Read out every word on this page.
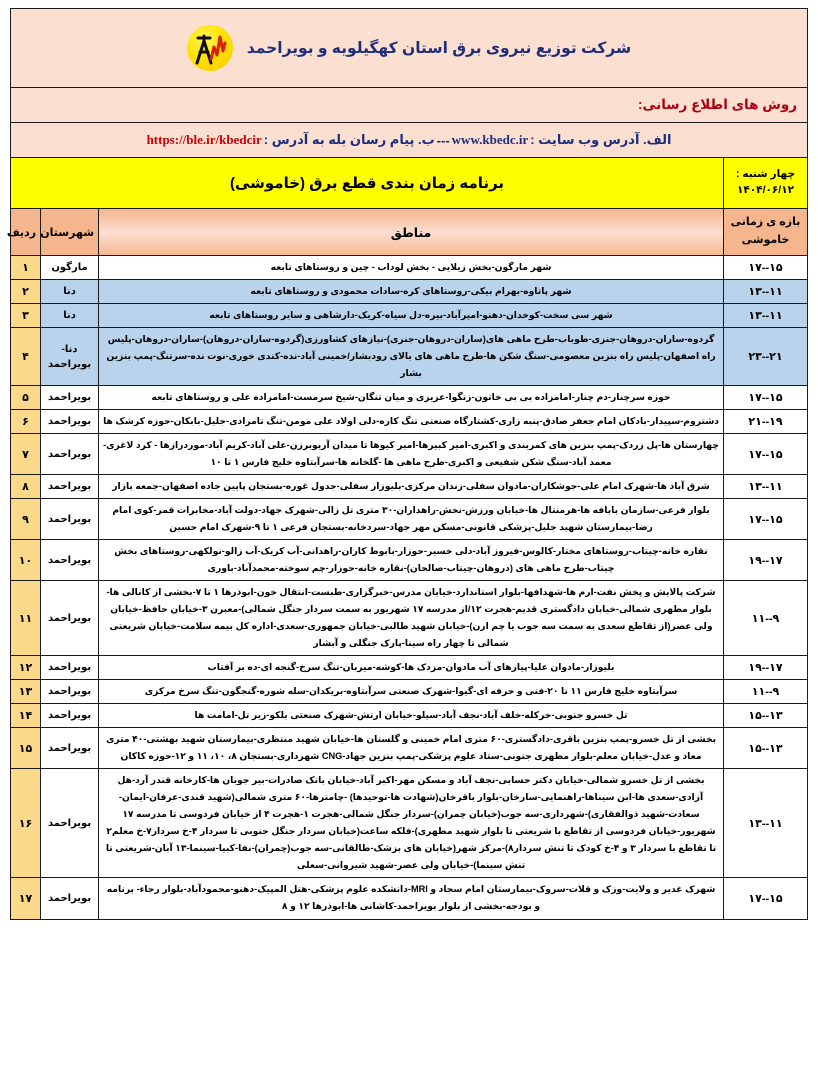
شرکت توزیع نیروی برق استان کهگیلویه و بویراحمد			

روش های اطلاع رسانی:			

الف. آدرس وب سایت :
www.kbedc.ir
---
ب. پیام رسان بله به آدرس :
https://ble.ir/kbedcir			

چهار شنبه :
۱۴۰۴/۰۶/۱۲	برنامه زمان بندی قطع برق (خاموشی)		

بازه ی زمانی
خاموشی	مناطق	شهرستان	ردیف
۱۵--۱۷	شهر مارگون-بخش زیلایی - بخش لوداب - چین و روستاهای تابعه	مارگون	۱
۱۱--۱۳	شهر پاتاوه-بهرام بیکی-روستاهای کره-سادات محمودی و روستاهای تابعه	دنا	۲
۱۱--۱۳	شهر سی سخت-کوخدان-دهنو-امیرآباد-بیره-دل سیاه-کریک-دارشاهی و سایر روستاهای تابعه	دنا	۳
۲۱--۲۳	گردوه-ساران-دروهان-جنزی-طوباب-طرح ماهی های(ساران-دروهان-جنزی)-نیازهای کشاورزی(گردوه-ساران-دروهان)-ساران-دروهان-پلیس راه اصفهان-پلیس راه بنزین معصومی-سنگ شکن ها-طرح ماهی های بالای رودبشار/خمینی آباد-نده-کندی خوری-نوت نده-سرتنگ-پمپ بنزین بشار	دنا-بویراحمد	۴
۱۵--۱۷	حوزه سرچنار-دم چنار-امامزاده بی بی خاتون-زنگوا-عزیزی و میان تنگان-شیخ سرمست-امامزاده علی و روستاهای تابعه	بویراحمد	۵
۱۹--۲۱	دشتروم-سپیدار-بادکان امام جعفر صادق-پنبه زاری-کشتارگاه صنعتی تنگ کاره-دلی اولاد علی مومن-تنگ تامرادی-جلیل-بابکان-حوزه کرشک ها	بویراحمد	۶
۱۵--۱۷	چهارستان ها-پل زردک-پمپ بنزین های کمربندی و اکبری-امیر کبیرها-امیر کیوها تا میدان آریوبرزن-علی آباد-کریم آباد-موردرازها - کرد لاغری-معمد آباد-سنگ شکن شفیعی و اکبری-طرح ماهی ها -گلخانه ها-سرآبتاوه خلیج فارس ۱ تا ۱۰	بویراحمد	۷
۱۱--۱۳	شرق آباد ها-شهرک امام علی-جوشکاران-مادوان سفلی-زندان مرکزی-بلیوزار سفلی-جدول غوره-بستجان پایین جاده اصفهان-جمعه بازار	بویراحمد	۸
۱۵--۱۷	بلوار فرعی-سازمان بابافه ها-هرمنتال ها-خیابان ورزش-نخش-راهداران-۳۰ متری تل زالی-شهرک جهاد-دولت آباد-مخابرات قمر-کوی امام رضا-بیمارستان شهید جلیل-پزشکی قانونی-مسکن مهر جهاد-سردخانه-بستجان فرعی ۱ تا ۹-شهرک امام حسین	بویراحمد	۹
۱۷--۱۹	نقاره خانه-چیتاب-روستاهای مختار-کالوس-فیروز آباد-دلی خسیر-حوزار-بابوط کاران-راهدانی-آب کریک-آب زالو-نولکهی-روستاهای بخش چیتاب-طرح ماهی های (دروهان-چیتاب-صالحان)-نقاره خانه-حوزار-چم سوخته-محمدآباد-باوری	بویراحمد	۱۰
۹--۱۱	شرکت پالایش و پخش نفت-ارم ها-شهدافها-بلوار استاندارد-خیابان مدرس-خبرگزاری-طبست-انتقال خون-ابوذرها ۱ تا ۷-بخشی از کانالی ها-بلوار مطهری شمالی-خیابان دادگستری قدیم-هجرت ۱۲/از مدرسه ۱۷ شهریور به سمت سردار جنگل شمالی)-معبرن ۳-خیابان حافظ-خیابان ولی عصر(از تقاطع سعدی به سمت سه جوب یا چم ارن)-خیابان شهید طالبی-خیابان جمهوری-سعدی-اداره کل بیمه سلامت-خیابان شریعتی شمالی تا چهار راه سینا-پارک جنگلی و آبشار	بویراحمد	۱۱
۱۷--۱۹	بلیوزار-مادوان علیا-پیازهای آب مادوان-مزدک ها-کوشه-میربان-تنگ سرخ-گنجه ای-ده بر آفتاب	بویراحمد	۱۲
۹--۱۱	سرآبتاوه خلیج فارس ۱۱ تا ۲۰-فنی و حرفه ای-گیوا-شهرک صنعتی سرآبتاوه-بریکدان-سله شوره-گنجگون-تنگ سرخ مرکزی	بویراحمد	۱۳
۱۳--۱۵	تل خسرو جنوبی-خرکله-خلف آباد-نجف آباد-سیلو-خیابان ارتش-شهرک صنعتی بلکو-زیر تل-امامت ها	بویراحمد	۱۴
۱۳--۱۵	بخشی از تل خسرو-پمپ بنزین باقری-دادگستری-۶۰ متری امام خمینی و گلستان ها-خیابان شهید منتظری-بیمارستان شهید بهشتی-۴۰ متری معاد و عدل-خیابان معلم-بلوار مطهری جنوبی-ستاد علوم پزشکی-پمپ بنزین جهاد-CNG شهرداری-بستجان ۸، ۱۰، ۱۱ و ۱۲-حوزه کاکان	بویراحمد	۱۵
۱۱--۱۳	بخشی از تل خسرو شمالی-خیابان دکتر حسابی-نجف آباد و مسکن مهر-اکبر آباد-خیابان بانک صادرات-بیر جوبان ها-کارخانه قندر آرد-هل آزادی-سعدی ها-ابن سیناها-راهنمایی-سارخان-بلوار باقرخان(شهادت ها-توحیدها) -چامترها-۶۰ متری شمالی(شهید قندی-عرفان-ایمان-سعادت-شهید ذوالفقاری)-شهرداری-سه جوب(خیابان چمران)-سردار جنگل شمالی-هجرت ۱-هجرت ۴ از خیابان فردوسی تا مدرسه ۱۷ شهریور-خیابان فردوسی از تقاطع با شریعتی تا بلوار شهید مطهری)-فلکه ساعت(خیابان سردار جنگل جنوبی تا سردار ۴-خ سردار۷-خ معلم۲ تا تقاطع با سردار ۳ و ۴-خ کودک تا تنش سردار۸)-مرکز شهر(خیابان های بزشک-طالقانی-سه جوب(چمران)-نفا-کبیا-سینما-۱۳ آبان-شریعتی تا تنش سینما)-خیابان ولی عصر-شهید شیروانی-سعلی	بویراحمد	۱۶
۱۵--۱۷	شهرک غدیر و ولایت-وزک و قلات-سروک-بیمارستان امام سجاد و MRI-دانشکده علوم پزشکی-هتل المپیک-دهنو-محمودآباد-بلوار رجاء- برنامه و بودجه-بخشی از بلوار بویراحمد-کاشانی ها-ابوذرها ۱۲ و ۸	بویراحمد	۱۷
